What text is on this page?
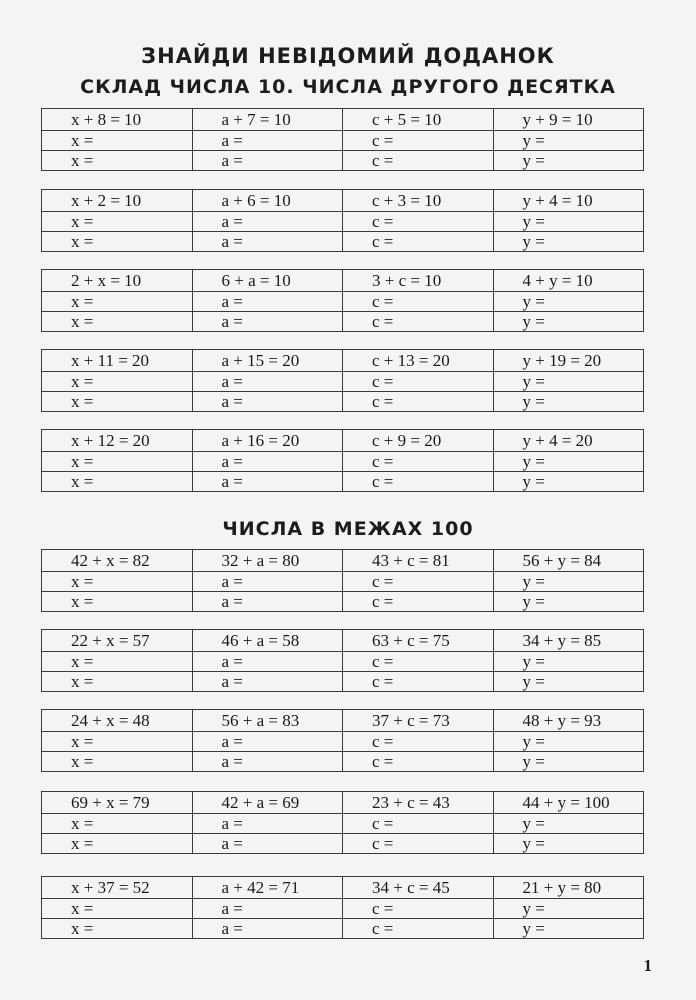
ЗНАЙДИ НЕВІДОМИЙ ДОДАНОК
СКЛАД ЧИСЛА 10. ЧИСЛА ДРУГОГО ДЕСЯТКА
ЧИСЛА В МЕЖАХ 100
x + 8 = 10	a + 7 = 10	c + 5 = 10	y + 9 = 10
x =	a =	c =	y =
x =	a =	c =	y =
x + 2 = 10	a + 6 = 10	c + 3 = 10	y + 4 = 10
x =	a =	c =	y =
x =	a =	c =	y =
2 + x = 10	6 + a = 10	3 + c = 10	4 + y = 10
x =	a =	c =	y =
x =	a =	c =	y =
x + 11 = 20	a + 15 = 20	c + 13 = 20	y + 19 = 20
x =	a =	c =	y =
x =	a =	c =	y =
x + 12 = 20	a + 16 = 20	c + 9 = 20	y + 4 = 20
x =	a =	c =	y =
x =	a =	c =	y =
42 + x = 82	32 + a = 80	43 + c = 81	56 + y = 84
x =	a =	c =	y =
x =	a =	c =	y =
22 + x = 57	46 + a = 58	63 + c = 75	34 + y = 85
x =	a =	c =	y =
x =	a =	c =	y =
24 + x = 48	56 + a = 83	37 + c = 73	48 + y = 93
x =	a =	c =	y =
x =	a =	c =	y =
69 + x = 79	42 + a = 69	23 + c = 43	44 + y = 100
x =	a =	c =	y =
x =	a =	c =	y =
x + 37 = 52	a + 42 = 71	34 + c = 45	21 + y = 80
x =	a =	c =	y =
x =	a =	c =	y =
1
